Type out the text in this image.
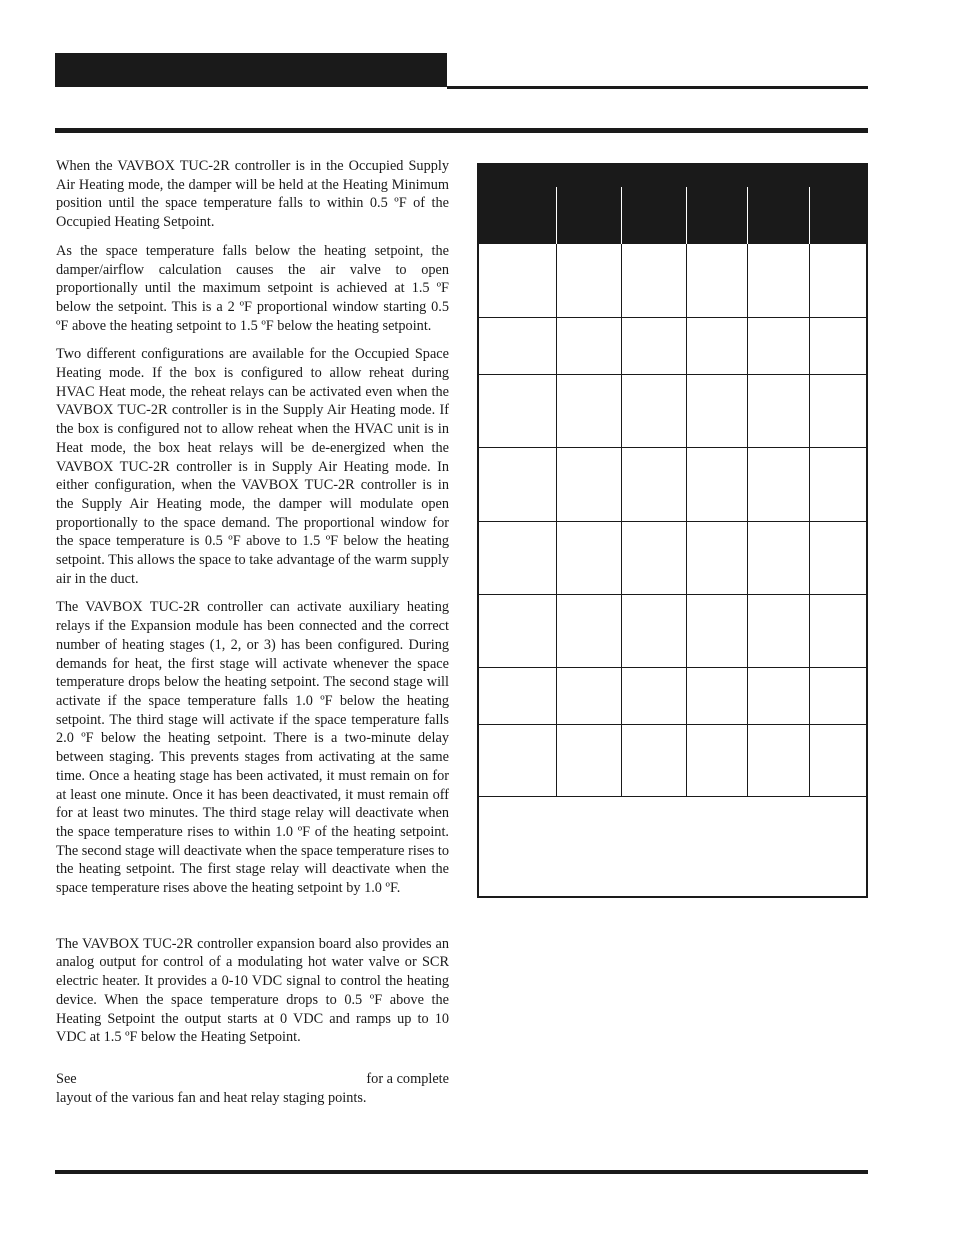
When the VAVBOX TUC-2R controller is in the Occupied Supply Air Heating mode, the damper will be held at the Heating Minimum position until the space temperature falls to within 0.5 ºF of the Occupied Heating Setpoint.

As the space temperature falls below the heating setpoint, the damper/airflow calculation causes the air valve to open proportionally until the maximum setpoint is achieved at 1.5 ºF below the setpoint. This is a 2 ºF proportional window starting 0.5 ºF above the heating setpoint to 1.5 ºF below the heating setpoint.

Two different configurations are available for the Occupied Space Heating mode. If the box is configured to allow reheat during HVAC Heat mode, the reheat relays can be activated even when the VAVBOX TUC-2R controller is in the Supply Air Heating mode. If the box is configured not to allow reheat when the HVAC unit is in Heat mode, the box heat relays will be de-energized when the VAVBOX TUC-2R controller is in Supply Air Heating mode. In either configuration, when the VAVBOX TUC-2R controller is in the Supply Air Heating mode, the damper will modulate open proportionally to the space demand. The proportional window for the space temperature is 0.5 ºF above to 1.5 ºF below the heating setpoint. This allows the space to take advantage of the warm supply air in the duct.

The VAVBOX TUC-2R controller can activate auxiliary heating relays if the Expansion module has been connected and the correct number of heating stages (1, 2, or 3) has been configured. During demands for heat, the first stage will activate whenever the space temperature drops below the heating setpoint. The second stage will activate if the space temperature falls 1.0 ºF below the heating setpoint. The third stage will activate if the space temperature falls 2.0 ºF below the heating setpoint. There is a two-minute delay between staging. This prevents stages from activating at the same time. Once a heating stage has been activated, it must remain on for at least one minute. Once it has been deactivated, it must remain off for at least two minutes. The third stage relay will deactivate when the space temperature rises to within 1.0 ºF of the heating setpoint. The second stage will deactivate when the space temperature rises to the heating setpoint. The first stage relay will deactivate when the space temperature rises above the heating setpoint by 1.0 ºF.

The VAVBOX TUC-2R controller expansion board also provides an analog output for control of a modulating hot water valve or SCR electric heater. It provides a 0-10 VDC signal to control the heating device. When the space temperature drops to 0.5 ºF above the Heating Setpoint the output starts at 0 VDC and ramps up to 10 VDC at 1.5 ºF below the Heating Setpoint.

See	for a complete
layout of the various fan and heat relay staging points.
